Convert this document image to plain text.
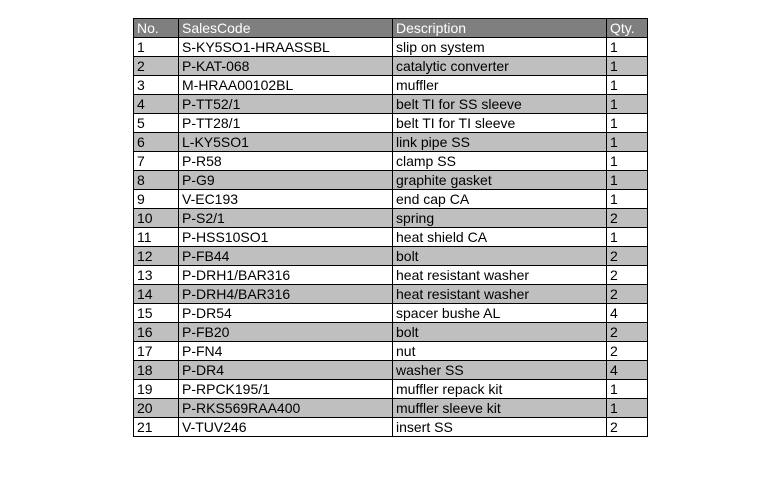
No.	SalesCode	Description	Qty.
1	S-KY5SO1-HRAASSBL	slip on system	1
2	P-KAT-068	catalytic converter	1
3	M-HRAA00102BL	muffler	1
4	P-TT52/1	belt TI for SS sleeve	1
5	P-TT28/1	belt TI for TI sleeve	1
6	L-KY5SO1	link pipe SS	1
7	P-R58	clamp SS	1
8	P-G9	graphite gasket	1
9	V-EC193	end cap CA	1
10	P-S2/1	spring	2
11	P-HSS10SO1	heat shield CA	1
12	P-FB44	bolt	2
13	P-DRH1/BAR316	heat resistant washer	2
14	P-DRH4/BAR316	heat resistant washer	2
15	P-DR54	spacer bushe AL	4
16	P-FB20	bolt	2
17	P-FN4	nut	2
18	P-DR4	washer SS	4
19	P-RPCK195/1	muffler repack kit	1
20	P-RKS569RAA400	muffler sleeve kit	1
21	V-TUV246	insert SS	2
